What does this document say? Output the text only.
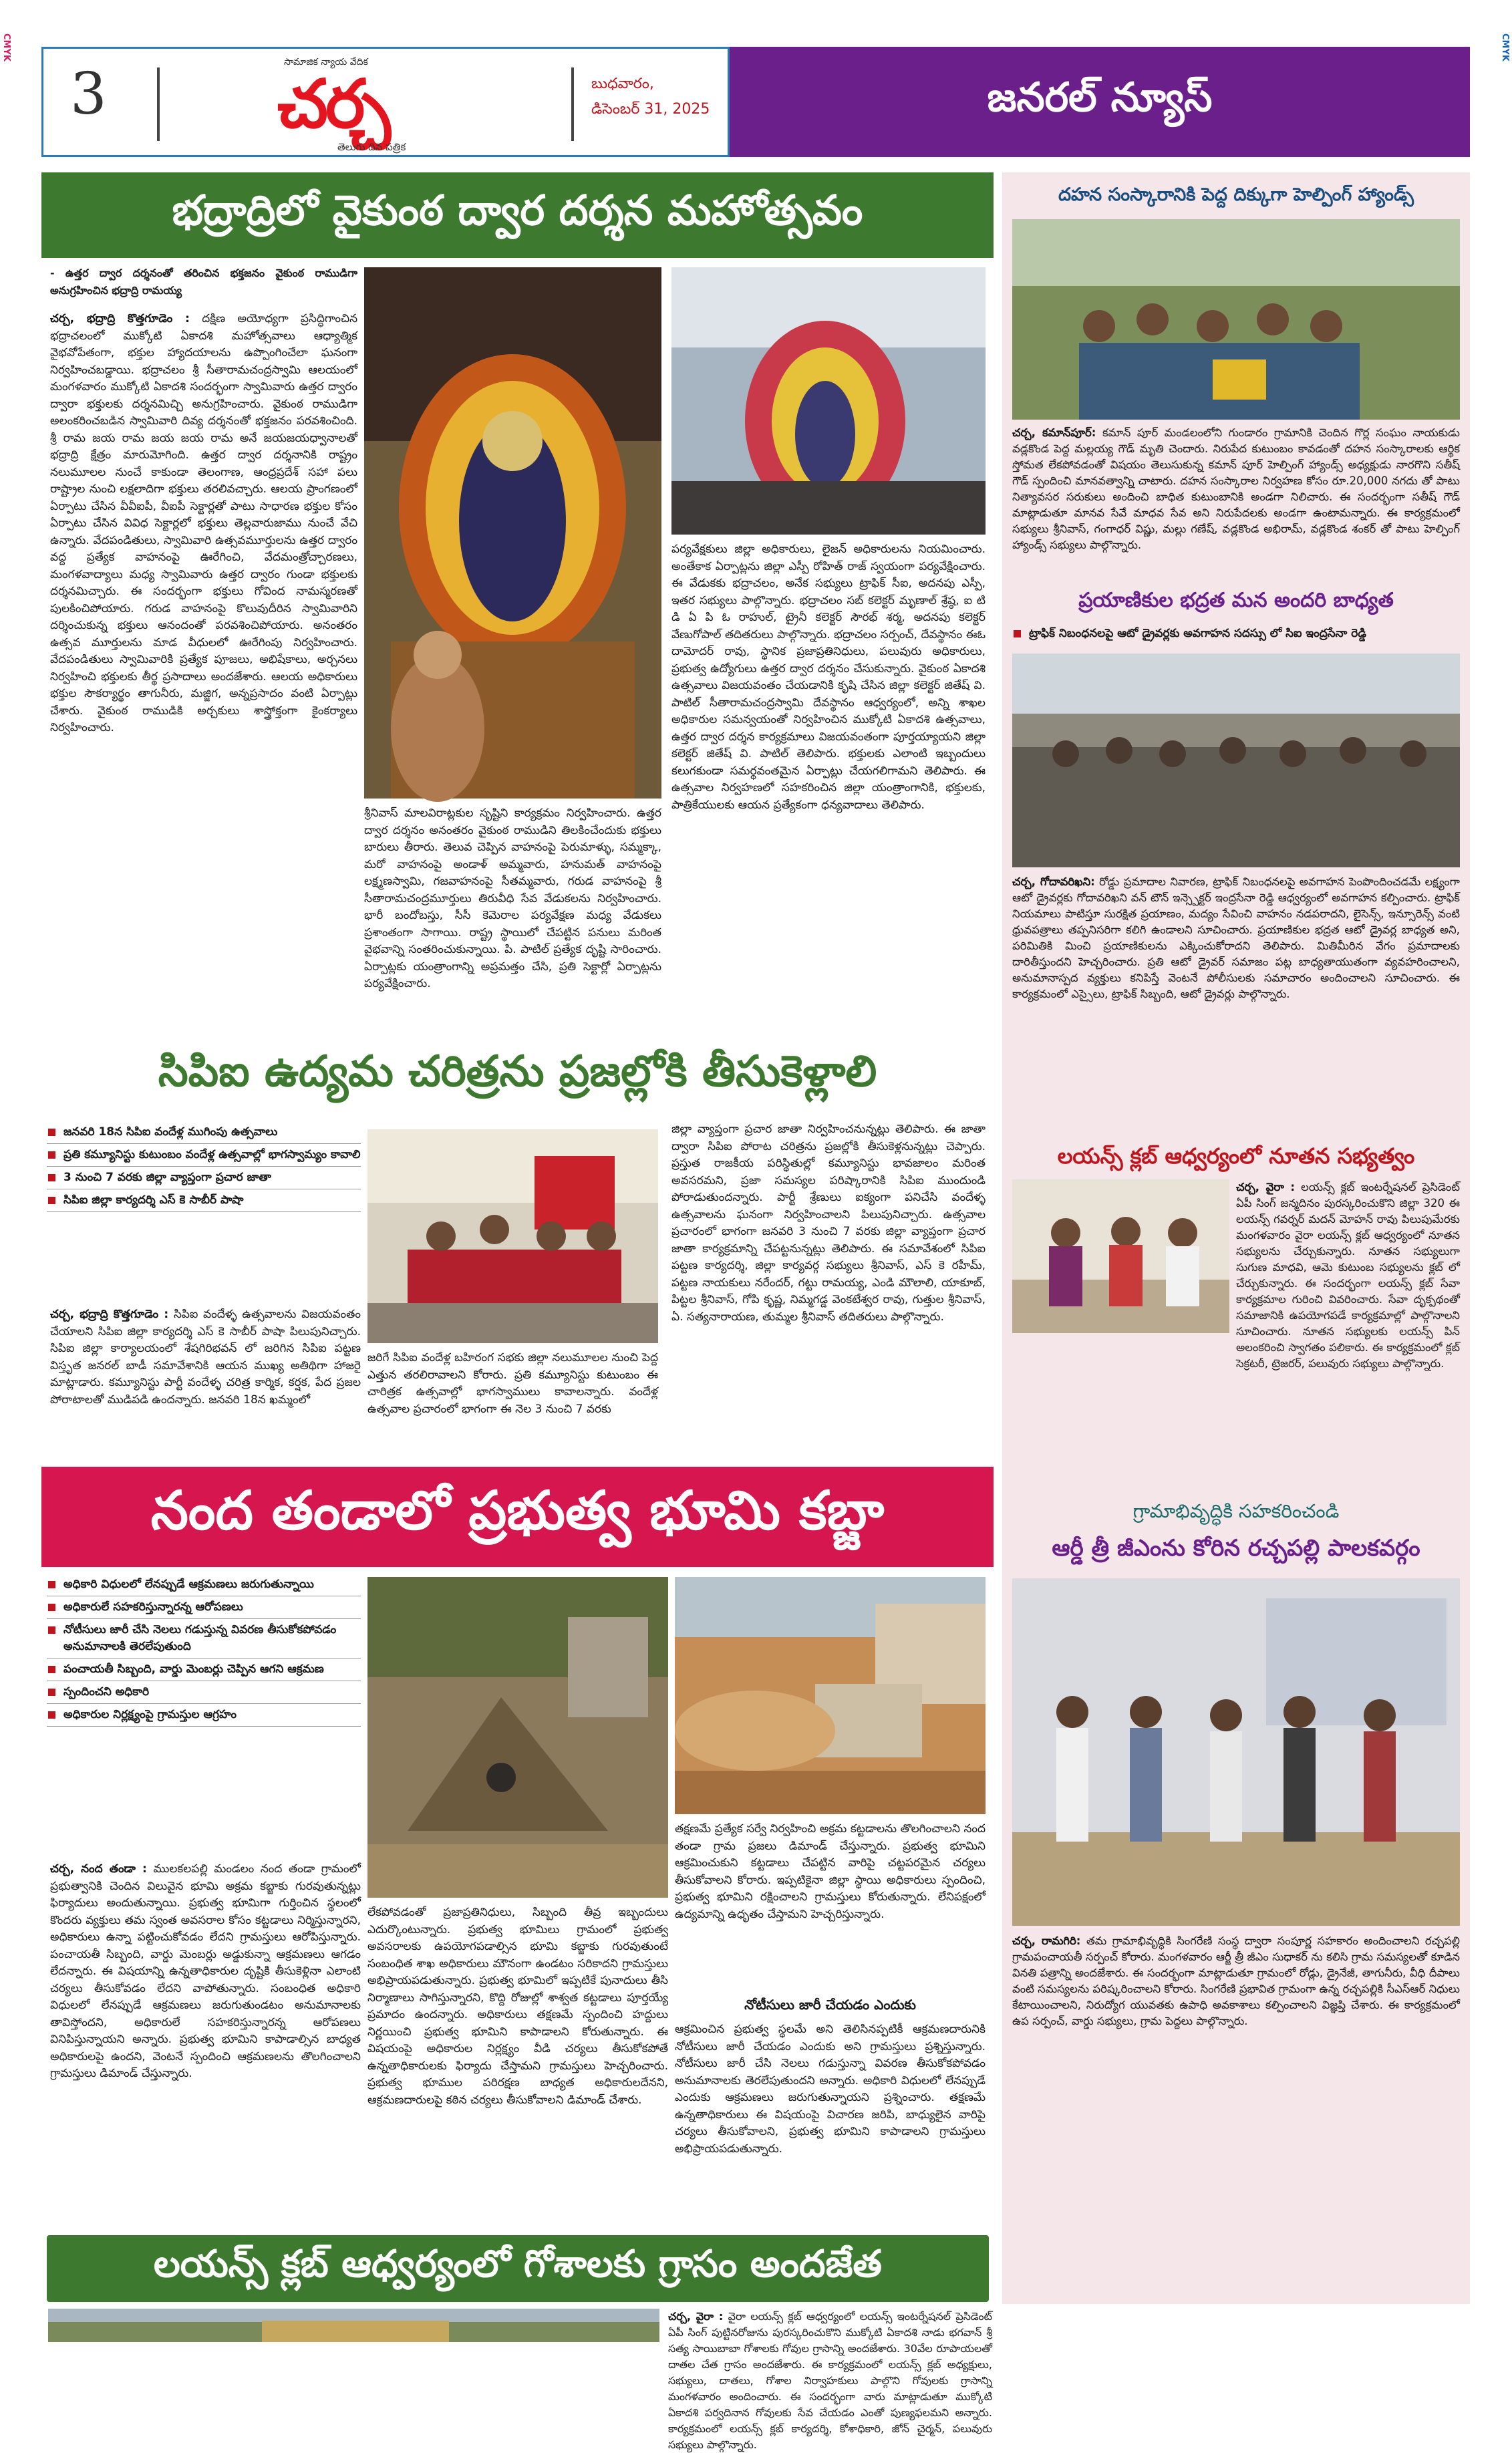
CMYK	CMYK
3	సామాజిక న్యాయ వేదిక
చర్చ
తెలుగు దిన పత్రిక
బుధవారం,
డిసెంబర్ 31, 2025	జనరల్ న్యూస్
భద్రాద్రిలో వైకుంఠ ద్వార దర్శన మహోత్సవం
- ఉత్తర ద్వార దర్శనంతో తరించిన భక్తజనం వైకుంఠ రాముడిగా అనుగ్రహించిన భద్రాద్రి రామయ్య

చర్చ, భద్రాద్రి కొత్తగూడెం : దక్షిణ అయోధ్యగా ప్రసిద్ధిగాంచిన భద్రాచలంలో ముక్కోటి ఏకాదశి మహోత్సవాలు ఆధ్యాత్మిక వైభవోపేతంగా, భక్తుల హ్యాదయాలను ఉప్పొంగించేలా ఘనంగా నిర్వహించబడ్డాయి. భద్రాచలం శ్రీ సీతారామచంద్రస్వామి ఆలయంలో మంగళవారం ముక్కోటి ఏకాదశి సందర్భంగా స్వామివారు ఉత్తర ద్వారం ద్వారా భక్తులకు దర్శనమిచ్చి అనుగ్రహించారు. వైకుంఠ రాముడిగా అలంకరించబడిన స్వామివారి దివ్య దర్శనంతో భక్తజనం పరవశించింది. శ్రీ రామ జయ రామ జయ జయ రామ అనే జయజయధ్వానాలతో భద్రాద్రి క్షేత్రం మారుమోగింది. ఉత్తర ద్వార దర్శనానికి రాష్ట్రం నలుమూలల నుంచే కాకుండా తెలంగాణ, ఆంధ్రప్రదేశ్ సహా పలు రాష్ట్రాల నుంచి లక్షలాదిగా భక్తులు తరలివచ్చారు. ఆలయ ప్రాంగణంలో ఏర్పాటు చేసిన వీవీఐపీ, వీఐపీ సెక్టార్లతో పాటు సాధారణ భక్తుల కోసం ఏర్పాటు చేసిన వివిధ సెక్టార్లలో భక్తులు తెల్లవారుజాము నుంచే వేచి ఉన్నారు. వేదపండితులు, స్వామివారి ఉత్సవమూర్తులను ఉత్తర ద్వారం వద్ద ప్రత్యేక వాహనంపై ఊరేగించి, వేదమంత్రోచ్చారణలు, మంగళవాద్యాలు మధ్య స్వామివారు ఉత్తర ద్వారం గుండా భక్తులకు దర్శనమిచ్చారు. ఈ సందర్భంగా భక్తులు గోవింద నామస్మరణతో పులకించిపోయారు. గరుడ వాహనంపై కొలువుదీరిన స్వామివారిని దర్శించుకున్న భక్తులు ఆనందంతో పరవశించిపోయారు. అనంతరం ఉత్సవ మూర్తులను మాడ వీధులలో ఊరేగింపు నిర్వహించారు. వేదపండితులు స్వామివారికి ప్రత్యేక పూజలు, అభిషేకాలు, అర్చనలు నిర్వహించి భక్తులకు తీర్థ ప్రసాదాలు అందజేశారు. ఆలయ అధికారులు భక్తుల సౌకర్యార్థం తాగునీరు, మజ్జిగ, అన్నప్రసాదం వంటి ఏర్పాట్లు చేశారు. వైకుంఠ రాముడికి అర్చకులు శాస్త్రోక్తంగా కైంకర్యాలు నిర్వహించారు.

శ్రీనివాస్ మాలవిరాట్లకుల సృష్టిని కార్యక్రమం నిర్వహించారు. ఉత్తర ద్వార దర్శనం అనంతరం వైకుంఠ రాముడిని తిలకించేందుకు భక్తులు బారులు తీరారు. తెలువ చెప్పిన వాహనంపై పెరుమాళ్ళు, సమ్మక్కా, మరో వాహనంపై అండాళ్ అమ్మవారు, హనుమత్ వాహనంపై లక్ష్మణస్వామి, గజవాహనంపై సీతమ్మవారు, గరుడ వాహనంపై శ్రీ సీతారామచంద్రమూర్తులు తిరువీధి సేవ వేడుకలను నిర్వహించారు. భారీ బందోబస్తు, సీసీ కెమెరాల పర్యవేక్షణ మధ్య వేడుకలు ప్రశాంతంగా సాగాయి. రాష్ట్ర స్థాయిలో చేపట్టిన పనులు మరింత వైభవాన్ని సంతరించుకున్నాయి. పి. పాటిల్ ప్రత్యేక దృష్టి సారించారు. ఏర్పాట్లకు యంత్రాంగాన్ని అప్రమత్తం చేసి, ప్రతి సెక్టార్లో ఏర్పాట్లను పర్యవేక్షించారు.
పర్యవేక్షకులు జిల్లా అధికారులు, లైజన్ అధికారులను నియమించారు. అంతేకాక ఏర్పాట్లను జిల్లా ఎస్పీ రోహిత్ రాజ్ స్వయంగా పర్యవేక్షించారు. ఈ వేడుకకు భద్రాచలం, అనేక సభ్యులు ట్రాఫిక్ సీఐ, అదనపు ఎస్పీ, ఇతర సభ్యులు పాల్గొన్నారు. భద్రాచలం సబ్ కలెక్టర్ మృణాల్ శ్రేష్ఠ, ఐ టి డి ఏ పి ఓ రాహుల్, ట్రైనీ కలెక్టర్ సౌరభ్ శర్మ, అదనపు కలెక్టర్ వేణుగోపాల్ తదితరులు పాల్గొన్నారు. భద్రాచలం సర్పంచ్, దేవస్థానం ఈఓ దామోదర్ రావు, స్థానిక ప్రజాప్రతినిధులు, పలువురు అధికారులు, ప్రభుత్వ ఉద్యోగులు ఉత్తర ద్వార దర్శనం చేసుకున్నారు. వైకుంఠ ఏకాదశి ఉత్సవాలు విజయవంతం చేయడానికి కృషి చేసిన జిల్లా కలెక్టర్ జితేష్ వి. పాటిల్ సీతారామచంద్రస్వామి దేవస్థానం ఆధ్వర్యంలో, అన్ని శాఖల అధికారుల సమన్వయంతో నిర్వహించిన ముక్కోటి ఏకాదశి ఉత్సవాలు, ఉత్తర ద్వార దర్శన కార్యక్రమాలు విజయవంతంగా పూర్తయ్యాయని జిల్లా కలెక్టర్ జితేష్ వి. పాటిల్ తెలిపారు. భక్తులకు ఎలాంటి ఇబ్బందులు కలుగకుండా సమర్థవంతమైన ఏర్పాట్లు చేయగలిగామని తెలిపారు. ఈ ఉత్సవాల నిర్వహణలో సహకరించిన జిల్లా యంత్రాంగానికి, భక్తులకు, పాత్రికేయులకు ఆయన ప్రత్యేకంగా ధన్యవాదాలు తెలిపారు.
సిపిఐ ఉద్యమ చరిత్రను ప్రజల్లోకి తీసుకెళ్లాలి
జనవరి 18న సిపిఐ వందేళ్ల ముగింపు ఉత్సవాలు
ప్రతి కమ్యూనిస్టు కుటుంబం వందేళ్ల ఉత్సవాల్లో భాగస్వామ్యం కావాలి
3 నుంచి 7 వరకు జిల్లా వ్యాప్తంగా ప్రచార జాతా
సిపిఐ జిల్లా కార్యదర్శి ఎస్ కె సాబీర్ పాషా

చర్చ, భద్రాద్రి కొత్తగూడెం : సిపిఐ వందేళ్ళ ఉత్సవాలను విజయవంతం చేయాలని సిపిఐ జిల్లా కార్యదర్శి ఎస్ కె సాబీర్ పాషా పిలుపునిచ్చారు. సిపిఐ జిల్లా కార్యాలయంలో శేషగిరిభవన్ లో జరిగిన సిపిఐ పట్టణ విస్తృత జనరల్ బాడీ సమావేశానికి ఆయన ముఖ్య అతిథిగా హాజరై మాట్లాడారు. కమ్యూనిస్టు పార్టీ వందేళ్ళ చరిత్ర కార్మిక, కర్షక, పేద ప్రజల పోరాటాలతో ముడిపడి ఉందన్నారు. జనవరి 18న ఖమ్మంలో

జరిగే సిపిఐ వందేళ్ల బహిరంగ సభకు జిల్లా నలుమూలల నుంచి పెద్ద ఎత్తున తరలిరావాలని కోరారు. ప్రతి కమ్యూనిస్టు కుటుంబం ఈ చారిత్రక ఉత్సవాల్లో భాగస్వాములు కావాలన్నారు. వందేళ్ల ఉత్సవాల ప్రచారంలో భాగంగా ఈ నెల 3 నుంచి 7 వరకు
జిల్లా వ్యాప్తంగా ప్రచార జాతా నిర్వహించనున్నట్లు తెలిపారు. ఈ జాతా ద్వారా సిపిఐ పోరాట చరిత్రను ప్రజల్లోకి తీసుకెళ్లనున్నట్లు చెప్పారు. ప్రస్తుత రాజకీయ పరిస్థితుల్లో కమ్యూనిస్టు భావజాలం మరింత అవసరమని, ప్రజా సమస్యల పరిష్కారానికి సిపిఐ ముందుండి పోరాడుతుందన్నారు. పార్టీ శ్రేణులు ఐక్యంగా పనిచేసి వందేళ్ళ ఉత్సవాలను ఘనంగా నిర్వహించాలని పిలుపునిచ్చారు. ఉత్సవాల ప్రచారంలో భాగంగా జనవరి 3 నుంచి 7 వరకు జిల్లా వ్యాప్తంగా ప్రచార జాతా కార్యక్రమాన్ని చేపట్టనున్నట్లు తెలిపారు. ఈ సమావేశంలో సిపిఐ పట్టణ కార్యదర్శి, జిల్లా కార్యవర్గ సభ్యులు శ్రీనివాస్, ఎస్ కె రహీమ్, పట్టణ నాయకులు నరేందర్, గట్టు రామయ్య, ఎండి మౌలాలి, యాకూబ్, పిట్టల శ్రీనివాస్, గోపి కృష్ణ, నిమ్మగడ్డ వెంకటేశ్వర రావు, గుత్తుల శ్రీనివాస్, ఏ. సత్యనారాయణ, తుమ్మల శ్రీనివాస్ తదితరులు పాల్గొన్నారు.
నంద తండాలో ప్రభుత్వ భూమి కబ్జా
అధికారి విధులలో లేనప్పుడే ఆక్రమణలు జరుగుతున్నాయి
అధికారులే సహకరిస్తున్నారన్న ఆరోపణలు
నోటీసులు జారీ చేసి నెలలు గడుస్తున్న వివరణ తీసుకోకపోవడం అనుమానాలకి తెరలేపుతుంది
పంచాయతీ సిబ్బంది, వార్డు మెంబర్లు చెప్పిన ఆగని ఆక్రమణ
స్పందించని అధికారి
అధికారుల నిర్లక్ష్యంపై గ్రామస్తుల ఆగ్రహం

చర్చ, నంద తండా : ములకలపల్లి మండలం నంద తండా గ్రామంలో ప్రభుత్వానికి చెందిన విలువైన భూమి అక్రమ కబ్జాకు గురవుతున్నట్లు ఫిర్యాదులు అందుతున్నాయి. ప్రభుత్వ భూమిగా గుర్తించిన స్థలంలో కొందరు వ్యక్తులు తమ స్వంత అవసరాల కోసం కట్టడాలు నిర్మిస్తున్నారని, అధికారులు ఉన్నా పట్టించుకోవడం లేదని గ్రామస్తులు ఆరోపిస్తున్నారు. పంచాయతీ సిబ్బంది, వార్డు మెంబర్లు అడ్డుకున్నా ఆక్రమణలు ఆగడం లేదన్నారు. ఈ విషయాన్ని ఉన్నతాధికారుల దృష్టికి తీసుకెళ్లినా ఎలాంటి చర్యలు తీసుకోవడం లేదని వాపోతున్నారు. సంబంధిత అధికారి విధులలో లేనప్పుడే ఆక్రమణలు జరుగుతుండటం అనుమానాలకు తావిస్తోందని, అధికారులే సహకరిస్తున్నారన్న ఆరోపణలు వినిపిస్తున్నాయని అన్నారు. ప్రభుత్వ భూమిని కాపాడాల్సిన బాధ్యత అధికారులపై ఉందని, వెంటనే స్పందించి ఆక్రమణలను తొలగించాలని గ్రామస్తులు డిమాండ్ చేస్తున్నారు.

లేకపోవడంతో ప్రజాప్రతినిధులు, సిబ్బంది తీవ్ర ఇబ్బందులు ఎదుర్కొంటున్నారు. ప్రభుత్వ భూమిలు గ్రామంలో ప్రభుత్వ అవసరాలకు ఉపయోగపడాల్సిన భూమి కబ్జాకు గురవుతుంటే సంబంధిత శాఖ అధికారులు మౌనంగా ఉండటం సరికాదని గ్రామస్తులు అభిప్రాయపడుతున్నారు. ప్రభుత్వ భూమిలో ఇప్పటికే పునాదులు తీసి నిర్మాణాలు సాగిస్తున్నారని, కొద్ది రోజుల్లో శాశ్వత కట్టడాలు పూర్తయ్యే ప్రమాదం ఉందన్నారు. అధికారులు తక్షణమే స్పందించి హద్దులు నిర్ణయించి ప్రభుత్వ భూమిని కాపాడాలని కోరుతున్నారు. ఈ విషయంపై అధికారుల నిర్లక్ష్యం వీడి చర్యలు తీసుకోకపోతే ఉన్నతాధికారులకు ఫిర్యాదు చేస్తామని గ్రామస్తులు హెచ్చరించారు. ప్రభుత్వ భూముల పరిరక్షణ బాధ్యత అధికారులదేనని, ఆక్రమణదారులపై కఠిన చర్యలు తీసుకోవాలని డిమాండ్ చేశారు.
తక్షణమే ప్రత్యేక సర్వే నిర్వహించి అక్రమ కట్టడాలను తొలగించాలని నంద తండా గ్రామ ప్రజలు డిమాండ్ చేస్తున్నారు. ప్రభుత్వ భూమిని ఆక్రమించుకుని కట్టడాలు చేపట్టిన వారిపై చట్టపరమైన చర్యలు తీసుకోవాలని కోరారు. ఇప్పటికైనా జిల్లా స్థాయి అధికారులు స్పందించి, ప్రభుత్వ భూమిని రక్షించాలని గ్రామస్తులు కోరుతున్నారు. లేనిపక్షంలో ఉద్యమాన్ని ఉధృతం చేస్తామని హెచ్చరిస్తున్నారు.
నోటీసులు జారీ చేయడం ఎందుకు
ఆక్రమించిన ప్రభుత్వ స్థలమే అని తెలిసినప్పటికీ ఆక్రమణదారునికి నోటీసులు జారీ చేయడం ఎందుకు అని గ్రామస్తులు ప్రశ్నిస్తున్నారు. నోటీసులు జారీ చేసి నెలలు గడుస్తున్నా వివరణ తీసుకోకపోవడం అనుమానాలకు తెరలేపుతుందని అన్నారు. అధికారి విధులలో లేనప్పుడే ఎందుకు ఆక్రమణలు జరుగుతున్నాయని ప్రశ్నించారు. తక్షణమే ఉన్నతాధికారులు ఈ విషయంపై విచారణ జరిపి, బాధ్యులైన వారిపై చర్యలు తీసుకోవాలని, ప్రభుత్వ భూమిని కాపాడాలని గ్రామస్తులు అభిప్రాయపడుతున్నారు.
లయన్స్ క్లబ్ ఆధ్వర్యంలో గోశాలకు గ్రాసం అందజేత
దహన సంస్కారానికి పెద్ద దిక్కుగా హెల్పింగ్ హ్యాండ్స్

చర్చ, కమాన్‌పూర్: కమాన్ పూర్ మండలంలోని గుండారం గ్రామానికి చెందిన గొర్ల సంఘం నాయకుడు వడ్లకొండ పెద్ద మల్లయ్య గౌడ్ మృతి చెందారు. నిరుపేద కుటుంబం కావడంతో దహన సంస్కారాలకు ఆర్థిక స్తోమత లేకపోవడంతో విషయం తెలుసుకున్న కమాన్ పూర్ హెల్పింగ్ హ్యాండ్స్ అధ్యక్షుడు నారగొని సతీష్ గౌడ్ స్పందించి మానవత్వాన్ని చాటారు. దహన సంస్కారాల నిర్వహణ కోసం రూ.20,000 నగదు తో పాటు నిత్యావసర సరుకులు అందించి బాధిత కుటుంబానికి అండగా నిలిచారు. ఈ సందర్భంగా సతీష్ గౌడ్ మాట్లాడుతూ మానవ సేవే మాధవ సేవ అని నిరుపేదలకు అండగా ఉంటామన్నారు. ఈ కార్యక్రమంలో సభ్యులు శ్రీనివాస్, గంగాధర్ విష్ణు, మల్లు గణేష్, వడ్లకొండ అభిరామ్, వడ్లకొండ శంకర్ తో పాటు హెల్పింగ్ హ్యాండ్స్ సభ్యులు పాల్గొన్నారు.

ప్రయాణికుల భద్రత మన అందరి బాధ్యత
ట్రాఫిక్ నిబంధనలపై ఆటో డ్రైవర్లకు అవగాహన సదస్సు లో సిఐ ఇంద్రసేనా రెడ్డి

చర్చ, గోదావరిఖని: రోడ్డు ప్రమాదాల నివారణ, ట్రాఫిక్ నిబంధనలపై అవగాహన పెంపొందించడమే లక్ష్యంగా ఆటో డ్రైవర్లకు గోదావరిఖని వన్ టౌన్ ఇన్స్పెక్టర్ ఇంద్రసేనా రెడ్డి ఆధ్వర్యంలో అవగాహన కల్పించారు. ట్రాఫిక్ నియమాలు పాటిస్తూ సురక్షిత ప్రయాణం, మద్యం సేవించి వాహనం నడపరాదని, లైసెన్స్, ఇన్సూరెన్స్ వంటి ధ్రువపత్రాలు తప్పనిసరిగా కలిగి ఉండాలని సూచించారు. ప్రయాణికుల భద్రత ఆటో డ్రైవర్ల బాధ్యత అని, పరిమితికి మించి ప్రయాణికులను ఎక్కించుకోరాదని తెలిపారు. మితిమీరిన వేగం ప్రమాదాలకు దారితీస్తుందని హెచ్చరించారు. ప్రతి ఆటో డ్రైవర్ సమాజం పట్ల బాధ్యతాయుతంగా వ్యవహరించాలని, అనుమానాస్పద వ్యక్తులు కనిపిస్తే వెంటనే పోలీసులకు సమాచారం అందించాలని సూచించారు. ఈ కార్యక్రమంలో ఎస్సైలు, ట్రాఫిక్ సిబ్బంది, ఆటో డ్రైవర్లు పాల్గొన్నారు.

లయన్స్ క్లబ్ ఆధ్వర్యంలో నూతన సభ్యత్వం

చర్చ, వైరా : లయన్స్ క్లబ్ ఇంటర్నేషనల్ ప్రెసిడెంట్ ఏపీ సింగ్ జన్మదినం పురస్కరించుకొని జిల్లా 320 ఈ లయన్స్ గవర్నర్ మదన్ మోహన్ రావు పిలుపుమేరకు మంగళవారం వైరా లయన్స్ క్లబ్ ఆధ్వర్యంలో నూతన సభ్యులను చేర్చుకున్నారు. నూతన సభ్యులుగా సుగుణ మాధవి, ఆమె కుటుంబ సభ్యులను క్లబ్ లో చేర్చుకున్నారు. ఈ సందర్భంగా లయన్స్ క్లబ్ సేవా కార్యక్రమాల గురించి వివరించారు. సేవా దృక్పథంతో సమాజానికి ఉపయోగపడే కార్యక్రమాల్లో పాల్గొనాలని సూచించారు. నూతన సభ్యులకు లయన్స్ పిన్ అలంకరించి స్వాగతం పలికారు. ఈ కార్యక్రమంలో క్లబ్ సెక్రటరీ, ట్రెజరర్, పలువురు సభ్యులు పాల్గొన్నారు.

గ్రామాభివృద్ధికి సహకరించండి
ఆర్డీ త్రీ జీఎంను కోరిన రచ్చపల్లి పాలకవర్గం

చర్చ, రామగిరి: తమ గ్రామాభివృద్ధికి సింగరేణి సంస్థ ద్వారా సంపూర్ణ సహకారం అందించాలని రచ్చపల్లి గ్రామపంచాయతీ సర్పంచ్ కోరారు. మంగళవారం ఆర్జీ త్రీ జీఎం సుధాకర్ ను కలిసి గ్రామ సమస్యలతో కూడిన వినతి పత్రాన్ని అందజేశారు. ఈ సందర్భంగా మాట్లాడుతూ గ్రామంలో రోడ్లు, డ్రైనేజీ, తాగునీరు, వీధి దీపాలు వంటి సమస్యలను పరిష్కరించాలని కోరారు. సింగరేణి ప్రభావిత గ్రామంగా ఉన్న రచ్చపల్లికి సీఎస్ఆర్ నిధులు కేటాయించాలని, నిరుద్యోగ యువతకు ఉపాధి అవకాశాలు కల్పించాలని విజ్ఞప్తి చేశారు. ఈ కార్యక్రమంలో ఉప సర్పంచ్, వార్డు సభ్యులు, గ్రామ పెద్దలు పాల్గొన్నారు.

చర్చ, వైరా : వైరా లయన్స్ క్లబ్ ఆధ్వర్యంలో లయన్స్ ఇంటర్నేషనల్ ప్రెసిడెంట్ ఏపీ సింగ్ పుట్టినరోజును పురస్కరించుకొని ముక్కోటి ఏకాదశి నాడు భగవాన్ శ్రీ సత్య సాయిబాబా గోశాలకు గోవుల గ్రాసాన్ని అందజేశారు. 30వేల రూపాయలతో దాతల చేత గ్రాసం అందజేశారు. ఈ కార్యక్రమంలో లయన్స్ క్లబ్ అధ్యక్షులు, సభ్యులు, దాతలు, గోశాల నిర్వాహకులు పాల్గొని గోవులకు గ్రాసాన్ని మంగళవారం అందించారు. ఈ సందర్భంగా వారు మాట్లాడుతూ ముక్కోటి ఏకాదశి పర్వదినాన గోవులకు సేవ చేయడం ఎంతో పుణ్యఫలమని అన్నారు. కార్యక్రమంలో లయన్స్ క్లబ్ కార్యదర్శి, కోశాధికారి, జోన్ చైర్మన్, పలువురు సభ్యులు పాల్గొన్నారు.
